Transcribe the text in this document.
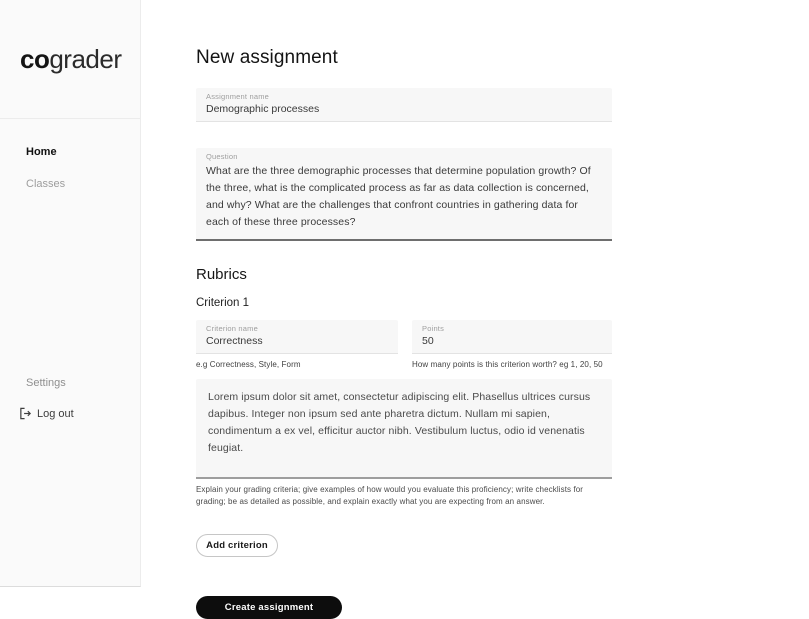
cograder
Home
Classes
Settings
Log out
New assignment
Assignment name
Demographic processes
Question
What are the three demographic processes that determine population growth? Of the three, what is the complicated process as far as data collection is concerned, and why? What are the challenges that confront countries in gathering data for each of these three processes?
Rubrics
Criterion 1
Criterion name
Correctness
e.g Correctness, Style, Form
Points
50
How many points is this criterion worth? eg 1, 20, 50
Lorem ipsum dolor sit amet, consectetur adipiscing elit. Phasellus ultrices cursus dapibus. Integer non ipsum sed ante pharetra dictum. Nullam mi sapien, condimentum a ex vel, efficitur auctor nibh. Vestibulum luctus, odio id venenatis feugiat.
Explain your grading criteria; give examples of how would you evaluate this proficiency; write checklists for grading; be as detailed as possible, and explain exactly what you are expecting from an answer.
Add criterion
Create assignment
